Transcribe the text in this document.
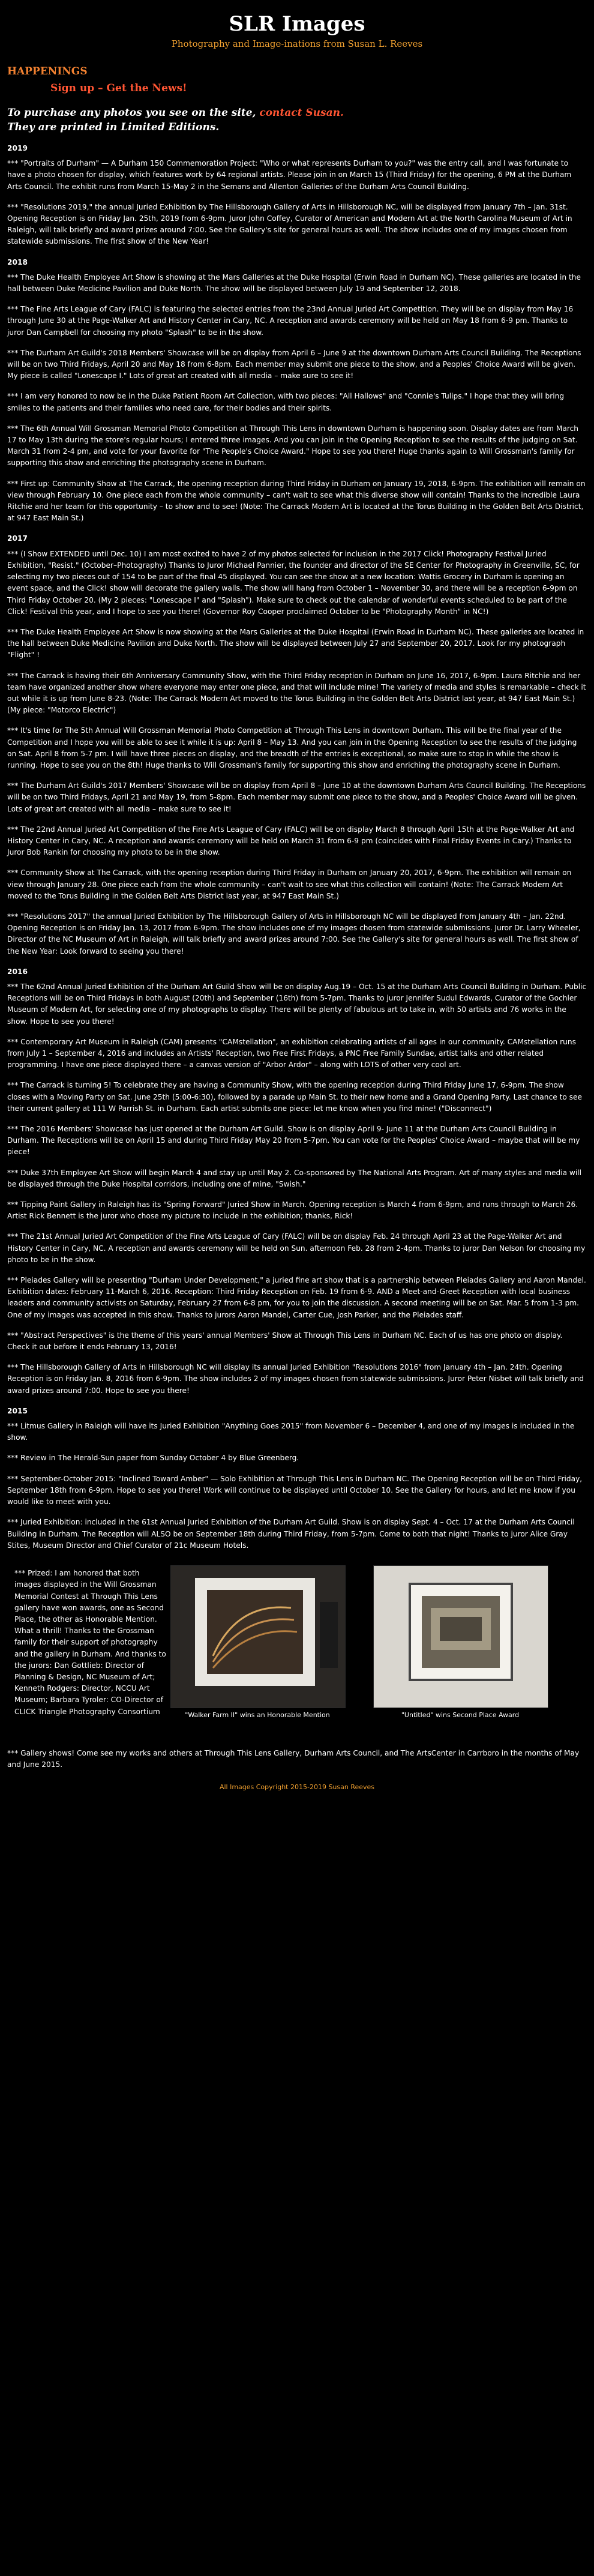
SLR Images

Photography and Image-inations from Susan L. Reeves

HAPPENINGS
Sign up – Get the News!
To purchase any photos you see on the site, contact Susan.
They are printed in Limited Editions.
2019

*** "Portraits of Durham" — A Durham 150 Commemoration Project: "Who or what represents Durham to you?" was the entry call, and I was fortunate to have a photo chosen for display, which features work by 64 regional artists. Please join in on March 15 (Third Friday) for the opening, 6 PM at the Durham Arts Council. The exhibit runs from March 15-May 2 in the Semans and Allenton Galleries of the Durham Arts Council Building.

*** "Resolutions 2019," the annual Juried Exhibition by The Hillsborough Gallery of Arts in Hillsborough NC, will be displayed from January 7th – Jan. 31st. Opening Reception is on Friday Jan. 25th, 2019 from 6-9pm. Juror John Coffey, Curator of American and Modern Art at the North Carolina Museum of Art in Raleigh, will talk briefly and award prizes around 7:00. See the Gallery's site for general hours as well. The show includes one of my images chosen from statewide submissions. The first show of the New Year!

2018

*** The Duke Health Employee Art Show is showing at the Mars Galleries at the Duke Hospital (Erwin Road in Durham NC). These galleries are located in the hall between Duke Medicine Pavilion and Duke North. The show will be displayed between July 19 and September 12, 2018.

*** The Fine Arts League of Cary (FALC) is featuring the selected entries from the 23nd Annual Juried Art Competition. They will be on display from May 16 through June 30 at the Page-Walker Art and History Center in Cary, NC. A reception and awards ceremony will be held on May 18 from 6-9 pm. Thanks to juror Dan Campbell for choosing my photo "Splash" to be in the show.

*** The Durham Art Guild's 2018 Members' Showcase will be on display from April 6 – June 9 at the downtown Durham Arts Council Building. The Receptions will be on two Third Fridays, April 20 and May 18 from 6-8pm. Each member may submit one piece to the show, and a Peoples' Choice Award will be given. My piece is called "Lonescape I." Lots of great art created with all media – make sure to see it!

*** I am very honored to now be in the Duke Patient Room Art Collection, with two pieces: "All Hallows" and "Connie's Tulips." I hope that they will bring smiles to the patients and their families who need care, for their bodies and their spirits.

*** The 6th Annual Will Grossman Memorial Photo Competition at Through This Lens in downtown Durham is happening soon. Display dates are from March 17 to May 13th during the store's regular hours; I entered three images. And you can join in the Opening Reception to see the results of the judging on Sat. March 31 from 2-4 pm, and vote for your favorite for "The People's Choice Award." Hope to see you there! Huge thanks again to Will Grossman's family for supporting this show and enriching the photography scene in Durham.

*** First up: Community Show at The Carrack, the opening reception during Third Friday in Durham on January 19, 2018, 6-9pm. The exhibition will remain on view through February 10. One piece each from the whole community – can't wait to see what this diverse show will contain! Thanks to the incredible Laura Ritchie and her team for this opportunity – to show and to see! (Note: The Carrack Modern Art is located at the Torus Building in the Golden Belt Arts District, at 947 East Main St.)

2017

*** (I Show EXTENDED until Dec. 10) I am most excited to have 2 of my photos selected for inclusion in the 2017 Click! Photography Festival Juried Exhibition, "Resist." (October–Photography) Thanks to Juror Michael Pannier, the founder and director of the SE Center for Photography in Greenville, SC, for selecting my two pieces out of 154 to be part of the final 45 displayed. You can see the show at a new location: Wattis Grocery in Durham is opening an event space, and the Click! show will decorate the gallery walls. The show will hang from October 1 – November 30, and there will be a reception 6-9pm on Third Friday October 20. (My 2 pieces: "Lonescape I" and "Splash"). Make sure to check out the calendar of wonderful events scheduled to be part of the Click! Festival this year, and I hope to see you there! (Governor Roy Cooper proclaimed October to be "Photography Month" in NC!)

*** The Duke Health Employee Art Show is now showing at the Mars Galleries at the Duke Hospital (Erwin Road in Durham NC). These galleries are located in the hall between Duke Medicine Pavilion and Duke North. The show will be displayed between July 27 and September 20, 2017. Look for my photograph "Flight" !

*** The Carrack is having their 6th Anniversary Community Show, with the Third Friday reception in Durham on June 16, 2017, 6-9pm. Laura Ritchie and her team have organized another show where everyone may enter one piece, and that will include mine! The variety of media and styles is remarkable – check it out while it is up from June 8-23. (Note: The Carrack Modern Art moved to the Torus Building in the Golden Belt Arts District last year, at 947 East Main St.) (My piece: "Motorco Electric")

*** It's time for The 5th Annual Will Grossman Memorial Photo Competition at Through This Lens in downtown Durham. This will be the final year of the Competition and I hope you will be able to see it while it is up: April 8 – May 13. And you can join in the Opening Reception to see the results of the judging on Sat. April 8 from 5-7 pm. I will have three pieces on display, and the breadth of the entries is exceptional, so make sure to stop in while the show is running. Hope to see you on the 8th! Huge thanks to Will Grossman's family for supporting this show and enriching the photography scene in Durham.

*** The Durham Art Guild's 2017 Members' Showcase will be on display from April 8 – June 10 at the downtown Durham Arts Council Building. The Receptions will be on two Third Fridays, April 21 and May 19, from 5-8pm. Each member may submit one piece to the show, and a Peoples' Choice Award will be given. Lots of great art created with all media – make sure to see it!

*** The 22nd Annual Juried Art Competition of the Fine Arts League of Cary (FALC) will be on display March 8 through April 15th at the Page-Walker Art and History Center in Cary, NC. A reception and awards ceremony will be held on March 31 from 6-9 pm (coincides with Final Friday Events in Cary.) Thanks to Juror Bob Rankin for choosing my photo to be in the show.

*** Community Show at The Carrack, with the opening reception during Third Friday in Durham on January 20, 2017, 6-9pm. The exhibition will remain on view through January 28. One piece each from the whole community – can't wait to see what this collection will contain! (Note: The Carrack Modern Art moved to the Torus Building in the Golden Belt Arts District last year, at 947 East Main St.)

*** "Resolutions 2017" the annual Juried Exhibition by The Hillsborough Gallery of Arts in Hillsborough NC will be displayed from January 4th – Jan. 22nd. Opening Reception is on Friday Jan. 13, 2017 from 6-9pm. The show includes one of my images chosen from statewide submissions. Juror Dr. Larry Wheeler, Director of the NC Museum of Art in Raleigh, will talk briefly and award prizes around 7:00. See the Gallery's site for general hours as well. The first show of the New Year: Look forward to seeing you there!

2016

*** The 62nd Annual Juried Exhibition of the Durham Art Guild Show will be on display Aug.19 – Oct. 15 at the Durham Arts Council Building in Durham. Public Receptions will be on Third Fridays in both August (20th) and September (16th) from 5-7pm. Thanks to juror Jennifer Sudul Edwards, Curator of the Gochler Museum of Modern Art, for selecting one of my photographs to display. There will be plenty of fabulous art to take in, with 50 artists and 76 works in the show. Hope to see you there!

*** Contemporary Art Museum in Raleigh (CAM) presents "CAMstellation", an exhibition celebrating artists of all ages in our community. CAMstellation runs from July 1 – September 4, 2016 and includes an Artists' Reception, two Free First Fridays, a PNC Free Family Sundae, artist talks and other related programming. I have one piece displayed there – a canvas version of "Arbor Ardor" – along with LOTS of other very cool art.

*** The Carrack is turning 5! To celebrate they are having a Community Show, with the opening reception during Third Friday June 17, 6-9pm. The show closes with a Moving Party on Sat. June 25th (5:00-6:30), followed by a parade up Main St. to their new home and a Grand Opening Party. Last chance to see their current gallery at 111 W Parrish St. in Durham. Each artist submits one piece: let me know when you find mine! ("Disconnect")

*** The 2016 Members' Showcase has just opened at the Durham Art Guild. Show is on display April 9- June 11 at the Durham Arts Council Building in Durham. The Receptions will be on April 15 and during Third Friday May 20 from 5-7pm. You can vote for the Peoples' Choice Award – maybe that will be my piece!

*** Duke 37th Employee Art Show will begin March 4 and stay up until May 2. Co-sponsored by The National Arts Program. Art of many styles and media will be displayed through the Duke Hospital corridors, including one of mine, "Swish."

*** Tipping Paint Gallery in Raleigh has its "Spring Forward" Juried Show in March. Opening reception is March 4 from 6-9pm, and runs through to March 26. Artist Rick Bennett is the juror who chose my picture to include in the exhibition; thanks, Rick!

*** The 21st Annual Juried Art Competition of the Fine Arts League of Cary (FALC) will be on display Feb. 24 through April 23 at the Page-Walker Art and History Center in Cary, NC. A reception and awards ceremony will be held on Sun. afternoon Feb. 28 from 2-4pm. Thanks to juror Dan Nelson for choosing my photo to be in the show.

*** Pleiades Gallery will be presenting "Durham Under Development," a juried fine art show that is a partnership between Pleiades Gallery and Aaron Mandel. Exhibition dates: February 11-March 6, 2016. Reception: Third Friday Reception on Feb. 19 from 6-9. AND a Meet-and-Greet Reception with local business leaders and community activists on Saturday, February 27 from 6-8 pm, for you to join the discussion. A second meeting will be on Sat. Mar. 5 from 1-3 pm. One of my images was accepted in this show. Thanks to jurors Aaron Mandel, Carter Cue, Josh Parker, and the Pleiades staff.

*** "Abstract Perspectives" is the theme of this years' annual Members' Show at Through This Lens in Durham NC. Each of us has one photo on display. Check it out before it ends February 13, 2016!

*** The Hillsborough Gallery of Arts in Hillsborough NC will display its annual Juried Exhibition "Resolutions 2016" from January 4th – Jan. 24th. Opening Reception is on Friday Jan. 8, 2016 from 6-9pm. The show includes 2 of my images chosen from statewide submissions. Juror Peter Nisbet will talk briefly and award prizes around 7:00. Hope to see you there!

2015

*** Litmus Gallery in Raleigh will have its Juried Exhibition "Anything Goes 2015" from November 6 – December 4, and one of my images is included in the show.

*** Review in The Herald-Sun paper from Sunday October 4 by Blue Greenberg.

*** September-October 2015: "Inclined Toward Amber" — Solo Exhibition at Through This Lens in Durham NC. The Opening Reception will be on Third Friday, September 18th from 6-9pm. Hope to see you there! Work will continue to be displayed until October 10. See the Gallery for hours, and let me know if you would like to meet with you.

*** Juried Exhibition: included in the 61st Annual Juried Exhibition of the Durham Art Guild. Show is on display Sept. 4 – Oct. 17 at the Durham Arts Council Building in Durham. The Reception will ALSO be on September 18th during Third Friday, from 5-7pm. Come to both that night! Thanks to juror Alice Gray Stites, Museum Director and Chief Curator of 21c Museum Hotels.

*** Prized: I am honored that both images displayed in the Will Grossman Memorial Contest at Through This Lens gallery have won awards, one as Second Place, the other as Honorable Mention. What a thrill! Thanks to the Grossman family for their support of photography and the gallery in Durham. And thanks to the jurors: Dan Gottlieb: Director of Planning & Design, NC Museum of Art; Kenneth Rodgers: Director, NCCU Art Museum; Barbara Tyroler: CO-Director of CLICK Triangle Photography Consortium	"Walker Farm II" wins an Honorable Mention	"Untitled" wins Second Place Award

*** Gallery shows! Come see my works and others at Through This Lens Gallery, Durham Arts Council, and The ArtsCenter in Carrboro in the months of May and June 2015.

All Images Copyright 2015-2019 Susan Reeves
